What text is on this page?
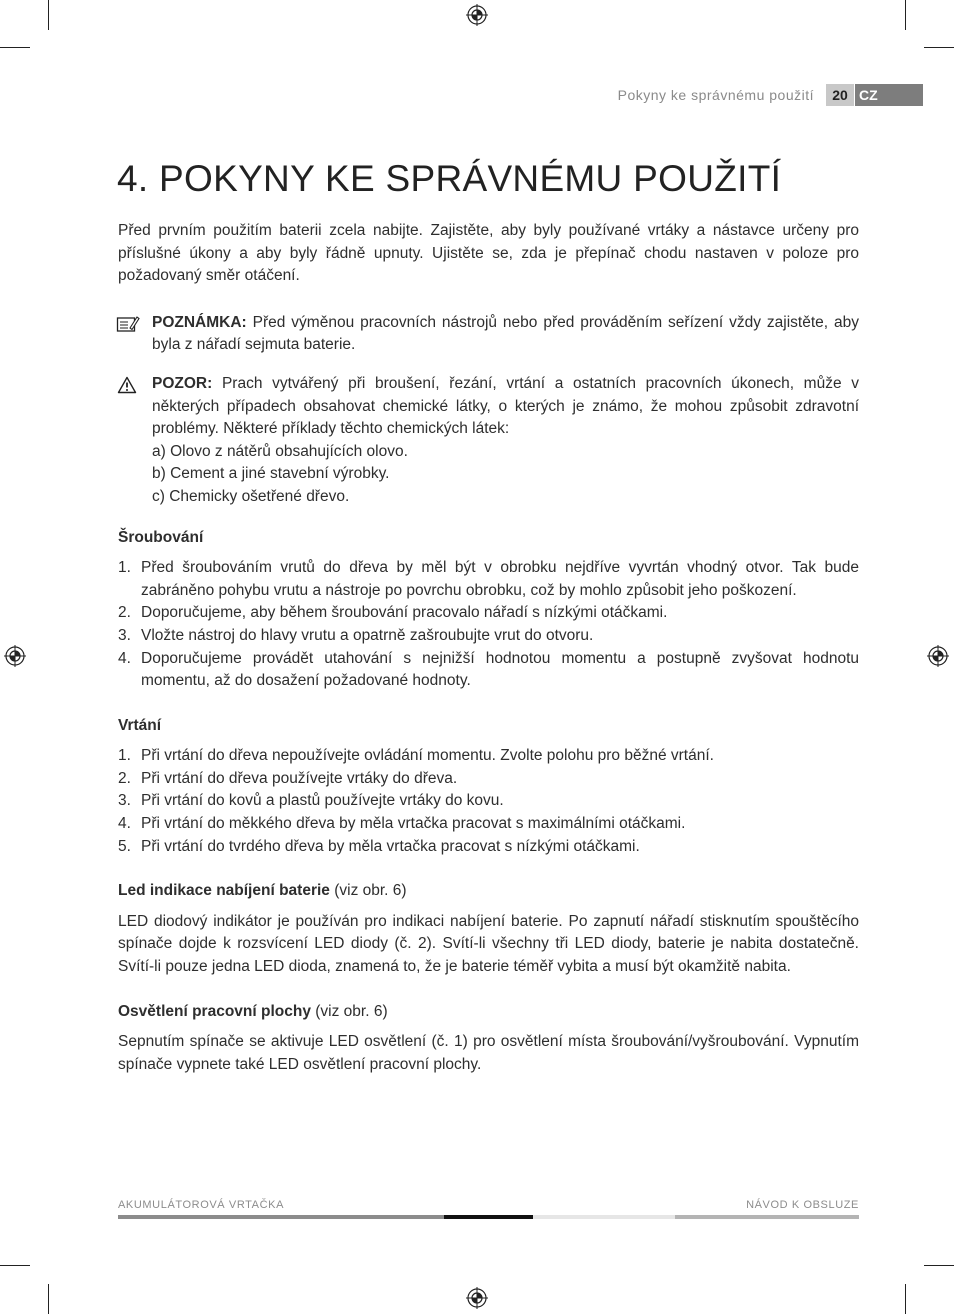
Pokyny ke správnému použití	20 CZ
4. POKYNY KE SPRÁVNÉMU POUŽITÍ

Před prvním použitím baterii zcela nabijte. Zajistěte, aby byly používané vrtáky a nástavce určeny pro příslušné úkony a aby byly řádně upnuty. Ujistěte se, zda je přepínač chodu nastaven v poloze pro požadovaný směr otáčení.

POZNÁMKA: Před výměnou pracovních nástrojů nebo před prováděním seřízení vždy zajistěte, aby byla z nářadí sejmuta baterie.

POZOR: Prach vytvářený při broušení, řezání, vrtání a ostatních pracovních úkonech, může v některých případech obsahovat chemické látky, o kterých je známo, že mohou způsobit zdravotní problémy. Některé příklady těchto chemických látek:

a) Olovo z nátěrů obsahujících olovo.
b) Cement a jiné stavební výrobky.
c) Chemicky ošetřené dřevo.
Šroubování
1. Před šroubováním vrutů do dřeva by měl být v obrobku nejdříve vyvrtán vhodný otvor. Tak bude zabráněno pohybu vrutu a nástroje po povrchu obrobku, což by mohlo způsobit jeho poškození.
2. Doporučujeme, aby během šroubování pracovalo nářadí s nízkými otáčkami.
3. Vložte nástroj do hlavy vrutu a opatrně zašroubujte vrut do otvoru.
4. Doporučujeme provádět utahování s nejnižší hodnotou momentu a postupně zvyšovat hodnotu momentu, až do dosažení požadované hodnoty.
Vrtání
1. Při vrtání do dřeva nepoužívejte ovládání momentu. Zvolte polohu pro běžné vrtání.
2. Při vrtání do dřeva používejte vrtáky do dřeva.
3. Při vrtání do kovů a plastů používejte vrtáky do kovu.
4. Při vrtání do měkkého dřeva by měla vrtačka pracovat s maximálními otáčkami.
5. Při vrtání do tvrdého dřeva by měla vrtačka pracovat s nízkými otáčkami.
Led indikace nabíjení baterie (viz obr. 6)

LED diodový indikátor je používán pro indikaci nabíjení baterie. Po zapnutí nářadí stisknutím spouštěcího spínače dojde k rozsvícení LED diody (č. 2). Svítí-li všechny tři LED diody, baterie je nabita dostatečně. Svítí-li pouze jedna LED dioda, znamená to, že je baterie téměř vybita a musí být okamžitě nabita.

Osvětlení pracovní plochy (viz obr. 6)

Sepnutím spínače se aktivuje LED osvětlení (č. 1) pro osvětlení místa šroubování/vyšroubování. Vypnutím spínače vypnete také LED osvětlení pracovní plochy.

AKUMULÁTOROVÁ VRTAČKA	NÁVOD K OBSLUZE
